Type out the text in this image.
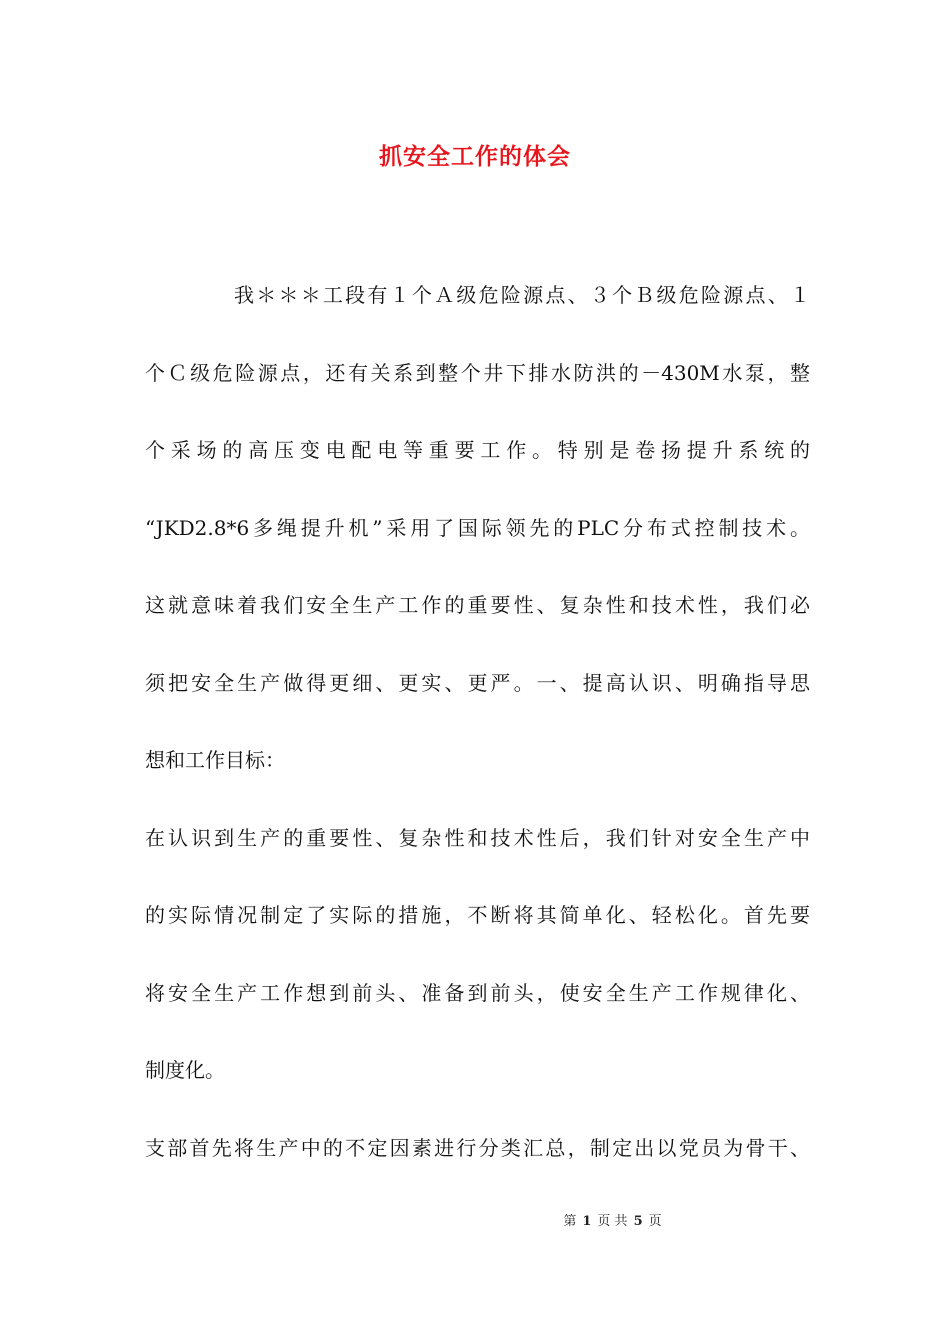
抓安全工作的体会
　　　　我＊＊＊工段有１个Ａ级危险源点、３个Ｂ级危险源点、１
个Ｃ级危险源点，还有关系到整个井下排水防洪的－430M水泵，整
个采场的高压变电配电等重要工作。特别是卷扬提升系统的
“JKD2.8*6多绳提升机”采用了国际领先的PLC分布式控制技术。
这就意味着我们安全生产工作的重要性、复杂性和技术性，我们必
须把安全生产做得更细、更实、更严。一、提高认识、明确指导思
想和工作目标：
在认识到生产的重要性、复杂性和技术性后，我们针对安全生产中
的实际情况制定了实际的措施，不断将其简单化、轻松化。首先要
将安全生产工作想到前头、准备到前头，使安全生产工作规律化、
制度化。
支部首先将生产中的不定因素进行分类汇总，制定出以党员为骨干、
第 1 页 共 5 页
